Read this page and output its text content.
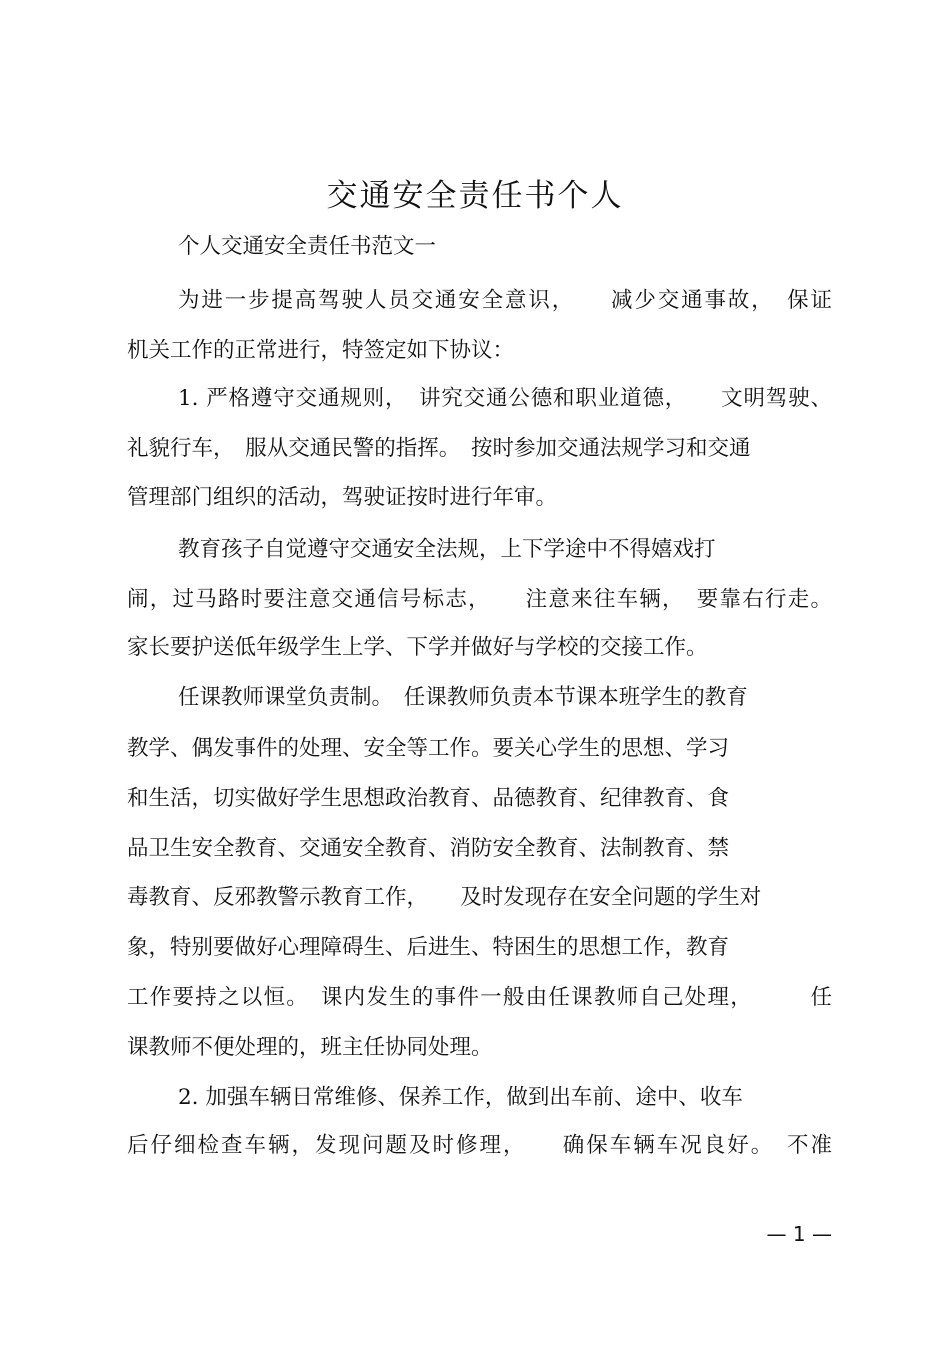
交通安全责任书个人

个人交通安全责任书范文一

为进一步提高驾驶人员交通安全意识，　　减少交通事故，　保证

机关工作的正常进行，特签定如下协议：

1. 严格遵守交通规则，　讲究交通公德和职业道德，　　文明驾驶、

礼貌行车，　服从交通民警的指挥。　按时参加交通法规学习和交通

管理部门组织的活动，驾驶证按时进行年审。

教育孩子自觉遵守交通安全法规，上下学途中不得嬉戏打

闹，过马路时要注意交通信号标志，　　注意来往车辆，　要靠右行走。

家长要护送低年级学生上学、下学并做好与学校的交接工作。

任课教师课堂负责制。　任课教师负责本节课本班学生的教育

教学、偶发事件的处理、安全等工作。要关心学生的思想、学习

和生活，切实做好学生思想政治教育、品德教育、纪律教育、食

品卫生安全教育、交通安全教育、消防安全教育、法制教育、禁

毒教育、反邪教警示教育工作，　　及时发现存在安全问题的学生对

象，特别要做好心理障碍生、后进生、特困生的思想工作，教育

工作要持之以恒。　课内发生的事件一般由任课教师自己处理，　　　任

课教师不便处理的，班主任协同处理。

2. 加强车辆日常维修、保养工作，做到出车前、途中、收车

后仔细检查车辆，发现问题及时修理，　　确保车辆车况良好。　不准

— 1 —
